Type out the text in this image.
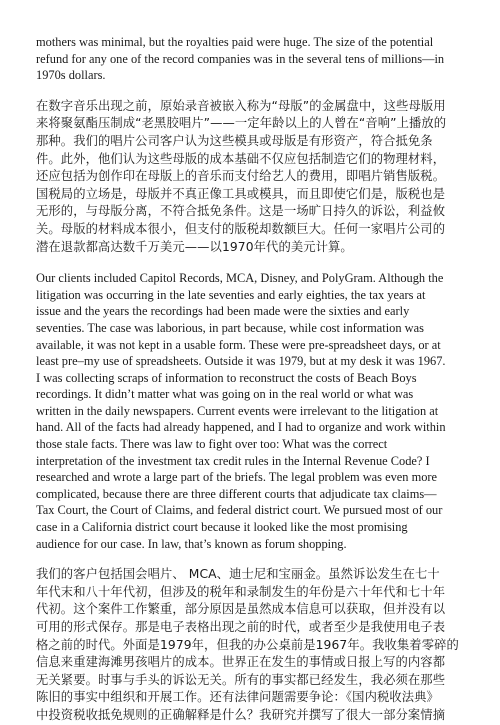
mothers was minimal, but the royalties paid were huge. The size of the potential
refund for any one of the record companies was in the several tens of millions—in
1970s dollars.

在数字音乐出现之前，原始录音被嵌入称为“母版”的金属盘中，这些母版用
来将聚氨酯压制成“老黑胶唱片”——一定年龄以上的人曾在“音响”上播放的
那种。我们的唱片公司客户认为这些模具或母版是有形资产，符合抵免条
件。此外，他们认为这些母版的成本基础不仅应包括制造它们的物理材料，
还应包括为创作印在母版上的音乐而支付给艺人的费用，即唱片销售版税。
国税局的立场是，母版并不真正像工具或模具，而且即使它们是，版税也是
无形的，与母版分离，不符合抵免条件。这是一场旷日持久的诉讼，利益攸
关。母版的材料成本很小，但支付的版税却数额巨大。任何一家唱片公司的
潜在退款都高达数千万美元——以1970年代的美元计算。

Our clients included Capitol Records, MCA, Disney, and PolyGram. Although the
litigation was occurring in the late seventies and early eighties, the tax years at
issue and the years the recordings had been made were the sixties and early
seventies. The case was laborious, in part because, while cost information was
available, it was not kept in a usable form. These were pre-spreadsheet days, or at
least pre–my use of spreadsheets. Outside it was 1979, but at my desk it was 1967.
I was collecting scraps of information to reconstruct the costs of Beach Boys
recordings. It didn’t matter what was going on in the real world or what was
written in the daily newspapers. Current events were irrelevant to the litigation at
hand. All of the facts had already happened, and I had to organize and work within
those stale facts. There was law to fight over too: What was the correct
interpretation of the investment tax credit rules in the Internal Revenue Code? I
researched and wrote a large part of the briefs. The legal problem was even more
complicated, because there are three different courts that adjudicate tax claims—
Tax Court, the Court of Claims, and federal district court. We pursued most of our
case in a California district court because it looked like the most promising
audience for our case. In law, that’s known as forum shopping.

我们的客户包括国会唱片、 MCA、迪士尼和宝丽金。虽然诉讼发生在七十
年代末和八十年代初，但涉及的税年和录制发生的年份是六十年代和七十年
代初。这个案件工作繁重，部分原因是虽然成本信息可以获取，但并没有以
可用的形式保存。那是电子表格出现之前的时代，或者至少是我使用电子表
格之前的时代。外面是1979年，但我的办公桌前是1967年。我收集着零碎的
信息来重建海滩男孩唱片的成本。世界正在发生的事情或日报上写的内容都
无关紧要。时事与手头的诉讼无关。所有的事实都已经发生，我必须在那些
陈旧的事实中组织和开展工作。还有法律问题需要争论：《国内税收法典》
中投资税收抵免规则的正确解释是什么？我研究并撰写了很大一部分案情摘
